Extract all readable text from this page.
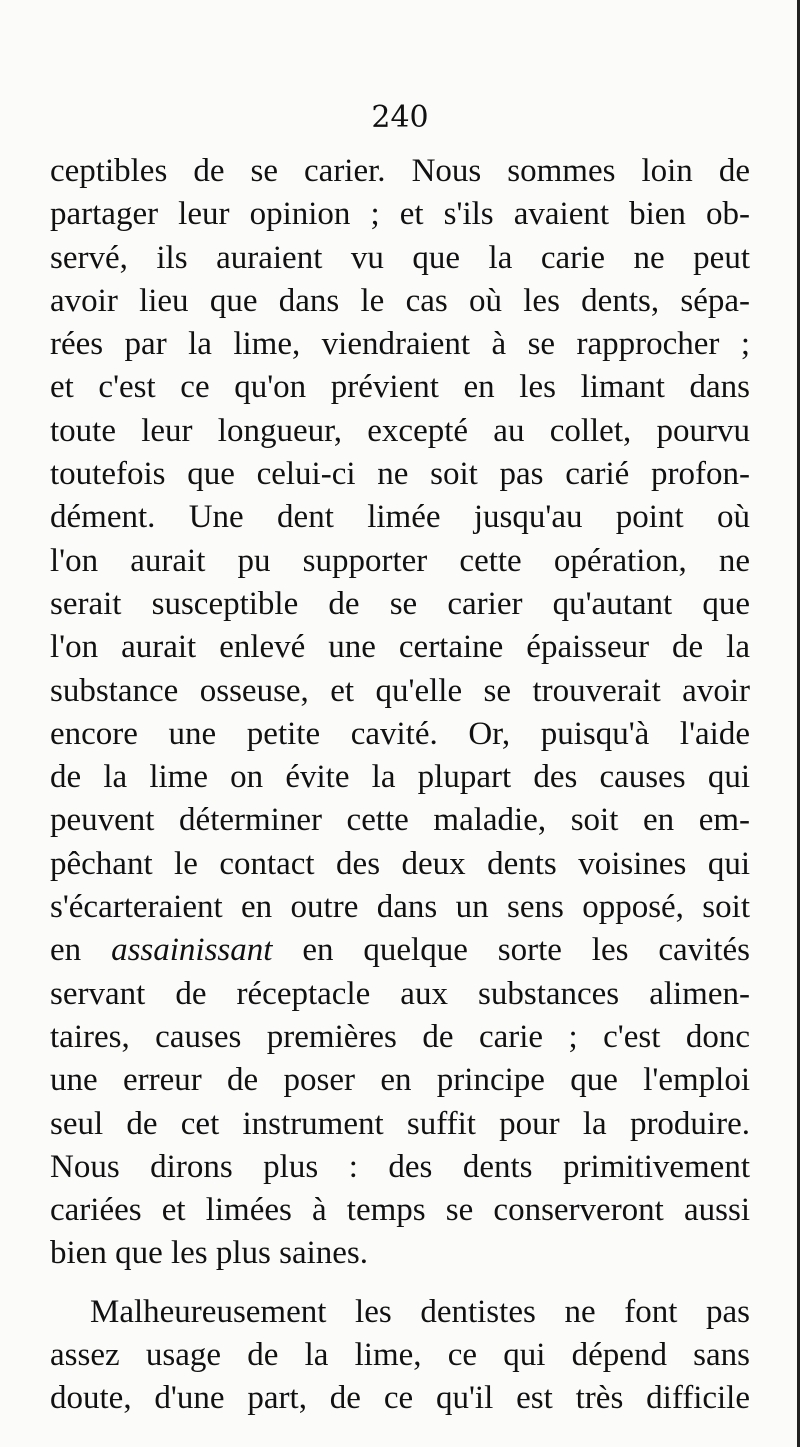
240
ceptibles de se carier. Nous sommes loin de
partager leur opinion ; et s'ils avaient bien ob-
servé, ils auraient vu que la carie ne peut
avoir lieu que dans le cas où les dents, sépa-
rées par la lime, viendraient à se rapprocher ;
et c'est ce qu'on prévient en les limant dans
toute leur longueur, excepté au collet, pourvu
toutefois que celui-ci ne soit pas carié profon-
dément. Une dent limée jusqu'au point où
l'on aurait pu supporter cette opération, ne
serait susceptible de se carier qu'autant que
l'on aurait enlevé une certaine épaisseur de la
substance osseuse, et qu'elle se trouverait avoir
encore une petite cavité. Or, puisqu'à l'aide
de la lime on évite la plupart des causes qui
peuvent déterminer cette maladie, soit en em-
pêchant le contact des deux dents voisines qui
s'écarteraient en outre dans un sens opposé, soit
en assainissant en quelque sorte les cavités
servant de réceptacle aux substances alimen-
taires, causes premières de carie ; c'est donc
une erreur de poser en principe que l'emploi
seul de cet instrument suffit pour la produire.
Nous dirons plus : des dents primitivement
cariées et limées à temps se conserveront aussi
bien que les plus saines.
Malheureusement les dentistes ne font pas
assez usage de la lime, ce qui dépend sans
doute, d'une part, de ce qu'il est très difficile
